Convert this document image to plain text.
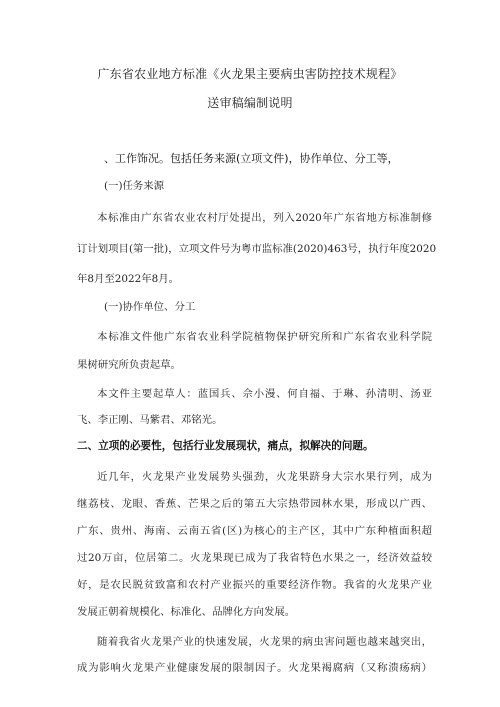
广东省农业地方标准《火龙果主要病虫害防控技术规程》
送审稿编制说明
、工作饰况。包括任务来源(立项文件)，协作单位、分工等，
(一)任务来源
本标准由广东省农业农村厅处提出，列入2020年广东省地方标准制修
订计划项目(第一批)，立项文件号为粤市监标准(2020)463号，执行年度2020
年8月至2022年8月。
(一)协作单位、分工
本标准文件他广东省农业科学院植物保护研究所和广东省农业科学院
果树研究所负责起草。
本文件主要起草人：蓝国兵、佘小漫、何自福、于琳、孙清明、汤亚
飞、李正刚、马紫君、邓铭光。
二、立项的必要性，包括行业发展现状，痛点，拟解决的问题。
近几年，火龙果产业发展势头强劲，火龙果跻身大宗水果行列，成为
继荔枝、龙眼、香蕉、芒果之后的第五大宗热带园林水果，形成以广西、
广东、贵州、海南、云南五省(区)为核心的主产区，其中广东种植面积超
过20万亩，位居第二。火龙果现已成为了我省特色水果之一，经济效益较
好，是农民脱贫致富和农村产业振兴的重要经济作物。我省的火龙果产业
发展正朝着规模化、标准化、品牌化方向发展。
随着我省火龙果产业的快速发展，火龙果的病虫害问题也越来越突出，
成为影响火龙果产业健康发展的限制因子。火龙果褐腐病（又称溃疡病）
